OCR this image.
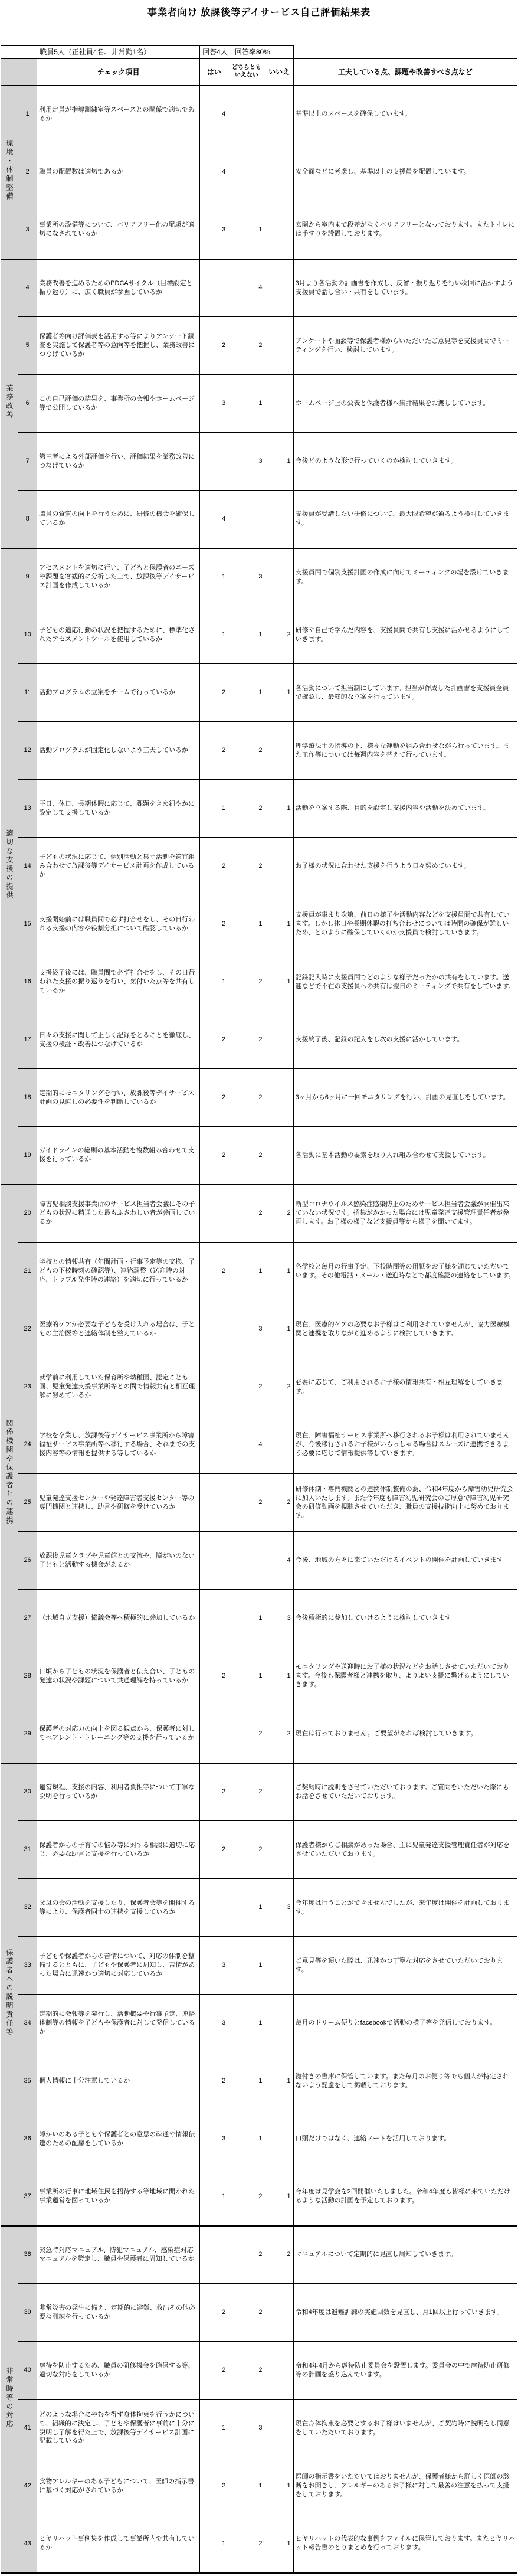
事業者向け 放課後等デイサービス自己評価結果表
		職員5人（正社員4名、非常勤1名）	回答4人　回答率80%			
		チェック項目	はい	どちらともいえない	いいえ	工夫している点、課題や改善すべき点など
環境・体制整備	1	利用定員が指導訓練室等スペースとの関係で適切であるか	4			基準以上のスペースを確保しています。
	2	職員の配置数は適切であるか	4			安全面などに考慮し、基準以上の支援員を配置しています。
	3	事業所の設備等について、バリアフリー化の配慮が適切になされているか	3	1		玄関から室内まで段差がなくバリアフリーとなっております。またトイレには手すりを設置しております。
業務改善	4	業務改善を進めるためのPDCAサイクル（目標設定と振り返り）に、広く職員が参画しているか		4		3月より各活動の計画書を作成し、反省・振り返りを行い次回に活かすよう支援員で話し合い・共有をしています。
	5	保護者等向け評価表を活用する等によりアンケート調査を実施して保護者等の意向等を把握し、業務改善につなげているか	2	2		アンケートや面談等で保護者様からいただいたご意見等を支援員間でミーティングを行い、検討しています。
	6	この自己評価の結果を、事業所の会報やホームページ等で公開しているか	3	1		ホームページ上の公表と保護者様へ集計結果をお渡ししています。
	7	第三者による外部評価を行い、評価結果を業務改善につなげているか		3	1	今後どのような形で行っていくのか検討していきます。
	8	職員の資質の向上を行うために、研修の機会を確保しているか	4			支援員が受講したい研修について、最大限希望が通るよう検討していきます。
適切な支援の提供	9	アセスメントを適切に行い、子どもと保護者のニーズや課題を客観的に分析した上で、放課後等デイサービス計画を作成しているか	1	3		支援員間で個別支援計画の作成に向けてミーティングの場を設けていきます。
	10	子どもの適応行動の状況を把握するために、標準化されたアセスメントツールを使用しているか	1	1	2	研修や自己で学んだ内容を、支援員間で共有し支援に活かせるようにしていきます。
	11	活動プログラムの立案をチームで行っているか	2	1	1	各活動について担当制にしています。担当が作成した計画書を支援員全員で確認し、最終的な立案を行っています。
	12	活動プログラムが固定化しないよう工夫しているか	2	2		理学療法士の指導の下、様々な運動を組み合わせながら行っています。また工作等については毎週内容を替えて行っています。
	13	平日、休日、長期休暇に応じて、課題をきめ細やかに設定して支援しているか	1	2	1	活動を立案する際、目的を設定し支援内容や活動を決めています。
	14	子どもの状況に応じて、個別活動と集団活動を適宜組み合わせて放課後等デイサービス計画を作成しているか	2	2		お子様の状況に合わせた支援を行うよう日々努めています。
	15	支援開始前には職員間で必ず打合せをし、その日行われる支援の内容や役割分担について確認しているか	2	1	1	支援員が集まり次第、前日の様子や活動内容などを支援員間で共有しています。しかし休日や長期休暇の打ち合わせについては時間の確保が難しいため、どのように確保していくのか支援員で検討していきます。
	16	支援終了後には、職員間で必ず打合せをし、その日行われた支援の振り返りを行い、気付いた点等を共有しているか	1	2	1	記録記入時に支援員間でどのような様子だったかの共有をしています。送迎などで不在の支援員への共有は翌日のミーティングで共有をしています。
	17	日々の支援に関して正しく記録をとることを徹底し、支援の検証・改善につなげているか	2	2		支援終了後、記録の記入をし次の支援に活かしています。
	18	定期的にモニタリングを行い、放課後等デイサービス計画の見直しの必要性を判断しているか	2	2		3ヶ月から6ヶ月に一回モニタリングを行い、計画の見直しをしています。
	19	ガイドラインの総則の基本活動を複数組み合わせて支援を行っているか	2	2		各活動に基本活動の要素を取り入れ組み合わせて支援しています。
関係機関や保護者との連携	20	障害児相談支援事業所のサービス担当者会議にその子どもの状況に精通した最もふさわしい者が参画しているか		2	2	新型コロナウイルス感染症感染防止のためサービス担当者会議が開催出来ていない状況です。招集がかかった場合には児童発達支援管理責任者が参画します。お子様の様子など支援員等から様子を聞いてます。
	21	学校との情報共有（年間計画・行事予定等の交換、子どもの下校時刻の確認等）、連絡調整（送迎時の対応、トラブル発生時の連絡）を適切に行っているか	2	1	1	各学校と毎月の行事予定、下校時間等の用紙をお子様を通じていただいています。その他電話・メール・送迎時などで都度確認の連絡をしています。
	22	医療的ケアが必要な子どもを受け入れる場合は、子どもの主治医等と連絡体制を整えているか		3	1	現在、医療的ケアの必要なお子様はご利用されていませんが、協力医療機関と連携を取りながら進めるように検討していきます。
	23	就学前に利用していた保育所や幼稚園、認定こども園、児童発達支援事業所等との間で情報共有と相互理解に努めているか		2	2	必要に応じて、ご利用されるお子様の情報共有・相互理解をしていきます。
	24	学校を卒業し、放課後等デイサービス事業所から障害福祉サービス事業所等へ移行する場合、それまでの支援内容等の情報を提供する等しているか		4		現在、障害福祉サービス事業所へ移行されるお子様は利用されていませんが、今後移行されるお子様がいらっしゃる場合はスムーズに連携できるよう必要に応じて情報提供等していきます。
	25	児童発達支援センターや発達障害者支援センター等の専門機関と連携し、助言や研修を受けているか		2	2	研修体制・専門機関との連携体制整備の為、令和4年度から障害幼児研究会に加入いたします。また今年度も障害幼児研究会のご厚意で障害幼児研究会の研修動画を視聴させていただき、職員の支援技術向上に努めております。
	26	放課後児童クラブや児童館との交流や、障がいのない子どもと活動する機会があるか			4	今後、地域の方々に来ていただけるイベントの開催を計画していきます
	27	（地域自立支援）協議会等へ積極的に参加しているか		1	3	今後積極的に参加していけるように検討していきます
	28	日頃から子どもの状況を保護者と伝え合い、子どもの発達の状況や課題について共通理解を持っているか	2	1	1	モニタリングや送迎時にお子様の状況などをお話しさせていただいております。今後も保護者様と連携を取り、よりよい支援に繋げるようにしていきます。
	29	保護者の対応力の向上を図る観点から、保護者に対してペアレント・トレーニング等の支援を行っているか		2	2	現在は行っておりません。ご要望があれば検討していきます。
保護者への説明責任等	30	運営規程、支援の内容、利用者負担等について丁寧な説明を行っているか	2	2		ご契約時に説明をさせていただいております。ご質問をいただいた際にもお話をさせていただいております。
	31	保護者からの子育ての悩み等に対する相談に適切に応じ、必要な助言と支援を行っているか	2	2		保護者様からご相談があった場合、主に児童発達支援管理責任者が対応をさせていただいております。
	32	父母の会の活動を支援したり、保護者会等を開催する等により、保護者同士の連携を支援しているか		1	3	今年度は行うことができませんでしたが、来年度は開催を計画しております。
	33	子どもや保護者からの苦情について、対応の体制を整備するとともに、子どもや保護者に周知し、苦情があった場合に迅速かつ適切に対応しているか	3	1		ご意見等を頂いた際は、迅速かつ丁寧な対応をさせていただいております。
	34	定期的に会報等を発行し、活動概要や行事予定、連絡体制等の情報を子どもや保護者に対して発信しているか	3	1		毎月のドリーム便りとfacebookで活動の様子等を発信しております。
	35	個人情報に十分注意しているか	2	1	1	鍵付きの書庫に保管しています。また毎月のお便り等でも個人が特定されないよう配慮をして掲載しております。
	36	障がいのある子どもや保護者との意思の疎通や情報伝達のための配慮をしているか	3	1		口頭だけではなく、連絡ノートを活用しております。
	37	事業所の行事に地域住民を招待する等地域に開かれた事業運営を図っているか	1	2	1	今年度は見学会を2回開催いたしました。令和4年度も皆様に来ていただけるような活動の計画を予定しております。
非常時等の対応	38	緊急時対応マニュアル、防犯マニュアル、感染症対応マニュアルを策定し、職員や保護者に周知しているか		2	2	マニュアルについて定期的に見直し周知していきます。
	39	非常災害の発生に備え、定期的に避難、救出その他必要な訓練を行っているか	2	2		令和4年度は避難訓練の実施回数を見直し、月1回以上行っていきます。
	40	虐待を防止するため、職員の研修機会を確保する等、適切な対応をしているか	2	2		令和4年4月から虐待防止委員会を設置します。委員会の中で虐待防止研修等の計画を盛り込んでいます。
	41	どのような場合にやむを得ず身体拘束を行うかについて、組織的に決定し、子どもや保護者に事前に十分に説明し了解を得た上で、放課後等デイサービス計画に記載しているか	1	3		現在身体拘束を必要とするお子様はいませんが、ご契約時に説明をし同意をしていただいております。
	42	食物アレルギーのある子どもについて、医師の指示書に基づく対応がされているか	2	1	1	医師の指示書をいただいてはおりませんが、保護者様から詳しく医師の診断をお聞きし、アレルギーのあるお子様に対して最善の注意を払って支援をしております。
	43	ヒヤリハット事例集を作成して事業所内で共有しているか	1	2	1	ヒヤリハットの代表的な事例をファイルに保管しております。またヒヤリハット報告書のとりまとめを行っております。
